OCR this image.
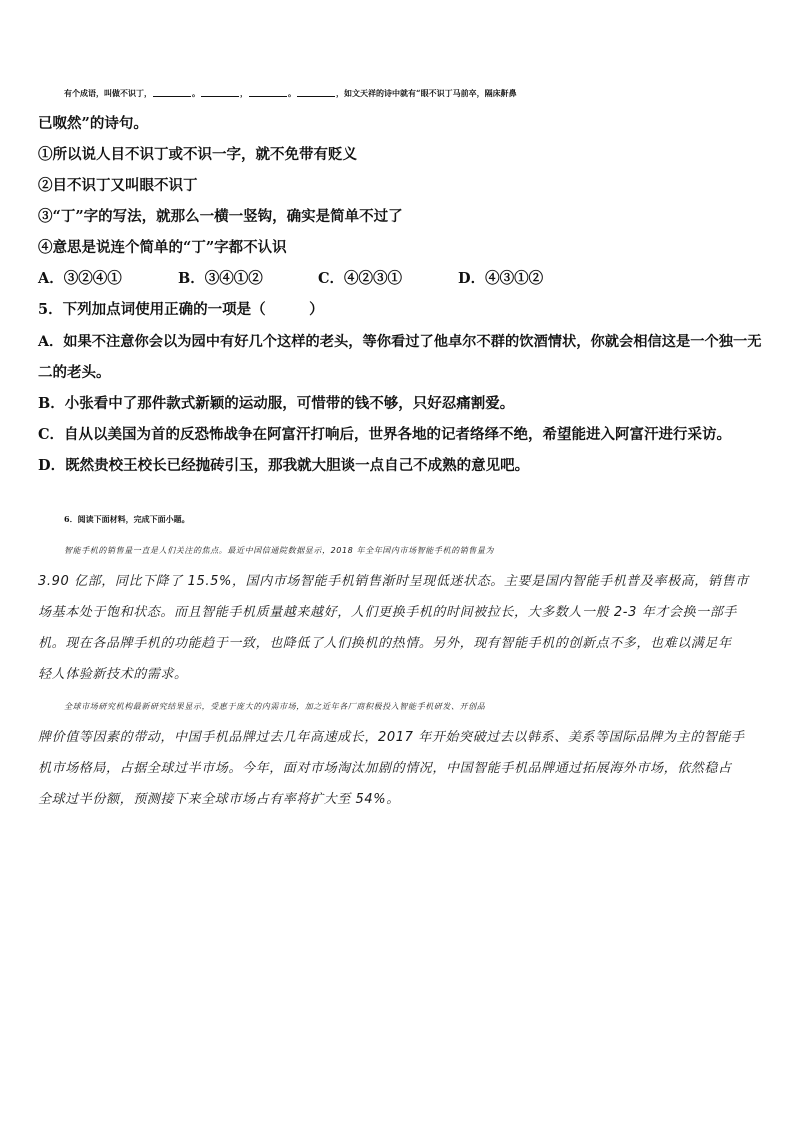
有个成语，叫做不识丁，	。	，	。	，如文天祥的诗中就有“眼不识丁马前卒，隔床鼾鼻
已呶然”的诗句。
①所以说人目不识丁或不识一字，就不免带有贬义
②目不识丁又叫眼不识丁
③“丁”字的写法，就那么一横一竖钩，确实是简单不过了
④意思是说连个简单的“丁”字都不认识
A．③②④①	B．③④①②	C．④②③①	D．④③①②
5．下列加点词使用正确的一项是（　　　）
A．如果不注意你会以为园中有好几个这样的老头，等你看过了他卓尔不群的饮酒情状，你就会相信这是一个独一无
二的老头。
B．小张看中了那件款式新颖的运动服，可惜带的钱不够，只好忍痛割爱。
C．自从以美国为首的反恐怖战争在阿富汗打响后，世界各地的记者络绎不绝，希望能进入阿富汗进行采访。
D．既然贵校王校长已经抛砖引玉，那我就大胆谈一点自己不成熟的意见吧。
6．阅读下面材料，完成下面小题。
智能手机的销售量一直是人们关注的焦点。最近中国信通院数据显示，2018 年全年国内市场智能手机的销售量为
3.90 亿部，同比下降了 15.5%，国内市场智能手机销售渐时呈现低迷状态。主要是国内智能手机普及率极高，销售市
场基本处于饱和状态。而且智能手机质量越来越好，人们更换手机的时间被拉长，大多数人一般 2-3 年才会换一部手
机。现在各品牌手机的功能趋于一致，也降低了人们换机的热情。另外，现有智能手机的创新点不多，也难以满足年
轻人体验新技术的需求。
全球市场研究机构最新研究结果显示，受惠于庞大的内需市场，加之近年各厂商积极投入智能手机研发、开创品
牌价值等因素的带动，中国手机品牌过去几年高速成长，2017 年开始突破过去以韩系、美系等国际品牌为主的智能手
机市场格局，占据全球过半市场。今年，面对市场淘汰加剧的情况，中国智能手机品牌通过拓展海外市场，依然稳占
全球过半份额，预测接下来全球市场占有率将扩大至 54%。
